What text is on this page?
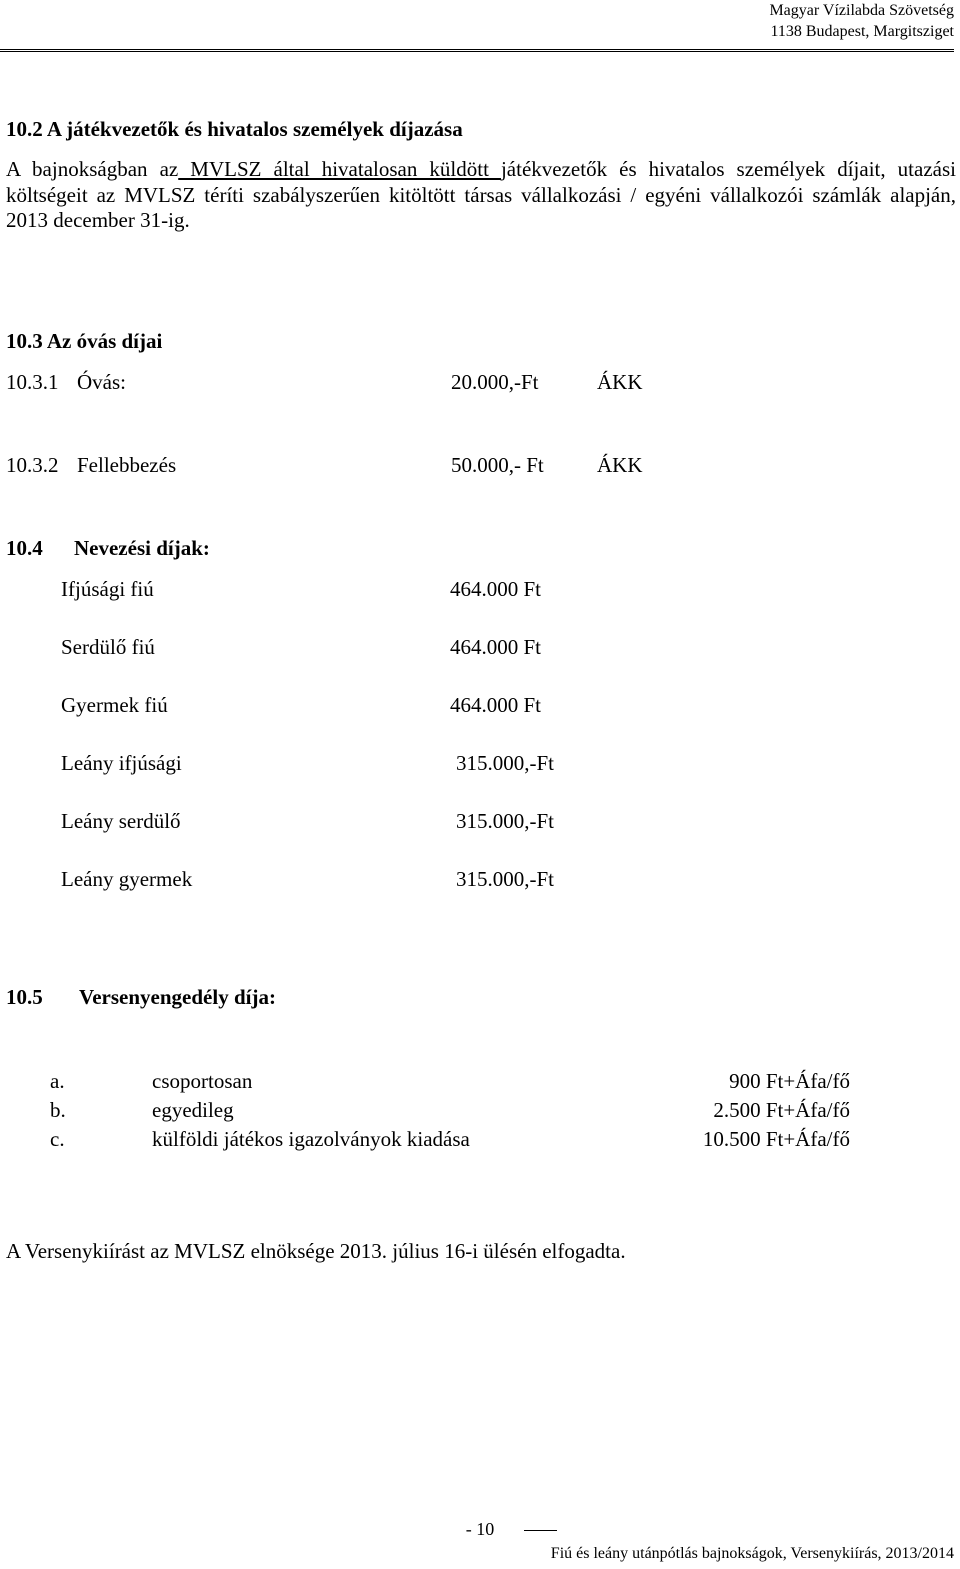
Magyar Vízilabda Szövetség
1138 Budapest, Margitsziget
10.2 A játékvezetők és hivatalos személyek díjazása
A bajnokságban az MVLSZ által hivatalosan küldött játékvezetők és hivatalos személyek díjait, utazási költségeit az MVLSZ téríti szabályszerűen kitöltött társas vállalkozási / egyéni vállalkozói számlák alapján, 2013 december 31-ig.
10.3 Az óvás díjai
10.3.1 Óvás:	20.000,-Ft	ÁKK
10.3.2 Fellebbezés	50.000,- Ft	ÁKK
10.4 Nevezési díjak:
Ifjúsági fiú	464.000 Ft
Serdülő fiú	464.000 Ft
Gyermek fiú	464.000 Ft
Leány ifjúsági	315.000,-Ft
Leány serdülő	315.000,-Ft
Leány gyermek	315.000,-Ft
10.5 Versenyengedély díja:
a.	csoportosan	900 Ft+Áfa/fő
b.	egyedileg	2.500 Ft+Áfa/fő
c.	külföldi játékos igazolványok kiadása	10.500 Ft+Áfa/fő
A Versenykiírást az MVLSZ elnöksége 2013. július 16-i ülésén elfogadta.
- 10
Fiú és leány utánpótlás bajnokságok, Versenykiírás, 2013/2014
